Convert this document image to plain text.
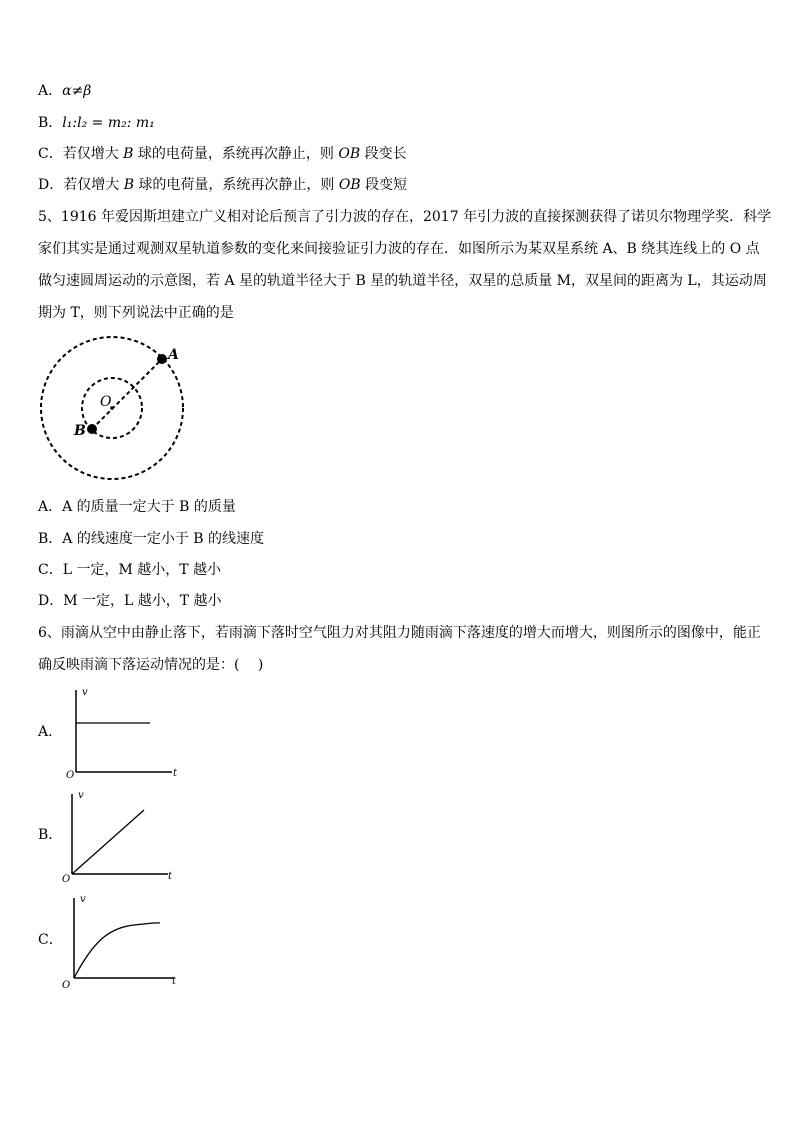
A．α≠β
B．l₁:l₂ = m₂: m₁
C．若仅增大 B 球的电荷量，系统再次静止，则 OB 段变长
D．若仅增大 B 球的电荷量，系统再次静止，则 OB 段变短
5、1916 年爱因斯坦建立广义相对论后预言了引力波的存在，2017 年引力波的直接探测获得了诺贝尔物理学奖．科学
家们其实是通过观测双星轨道参数的变化来间接验证引力波的存在．如图所示为某双星系统 A、B 绕其连线上的 O 点
做匀速圆周运动的示意图，若 A 星的轨道半径大于 B 星的轨道半径，双星的总质量 M，双星间的距离为 L，其运动周
期为 T，则下列说法中正确的是
A
B
O
A．A 的质量一定大于 B 的质量
B．A 的线速度一定小于 B 的线速度
C．L 一定，M 越小，T 越小
D．M 一定，L 越小，T 越小
6、雨滴从空中由静止落下，若雨滴下落时空气阻力对其阻力随雨滴下落速度的增大而增大，则图所示的图像中，能正
确反映雨滴下落运动情况的是：(　 )
A．
v
t
O
B．
v
t
O
C．
v
t
O
